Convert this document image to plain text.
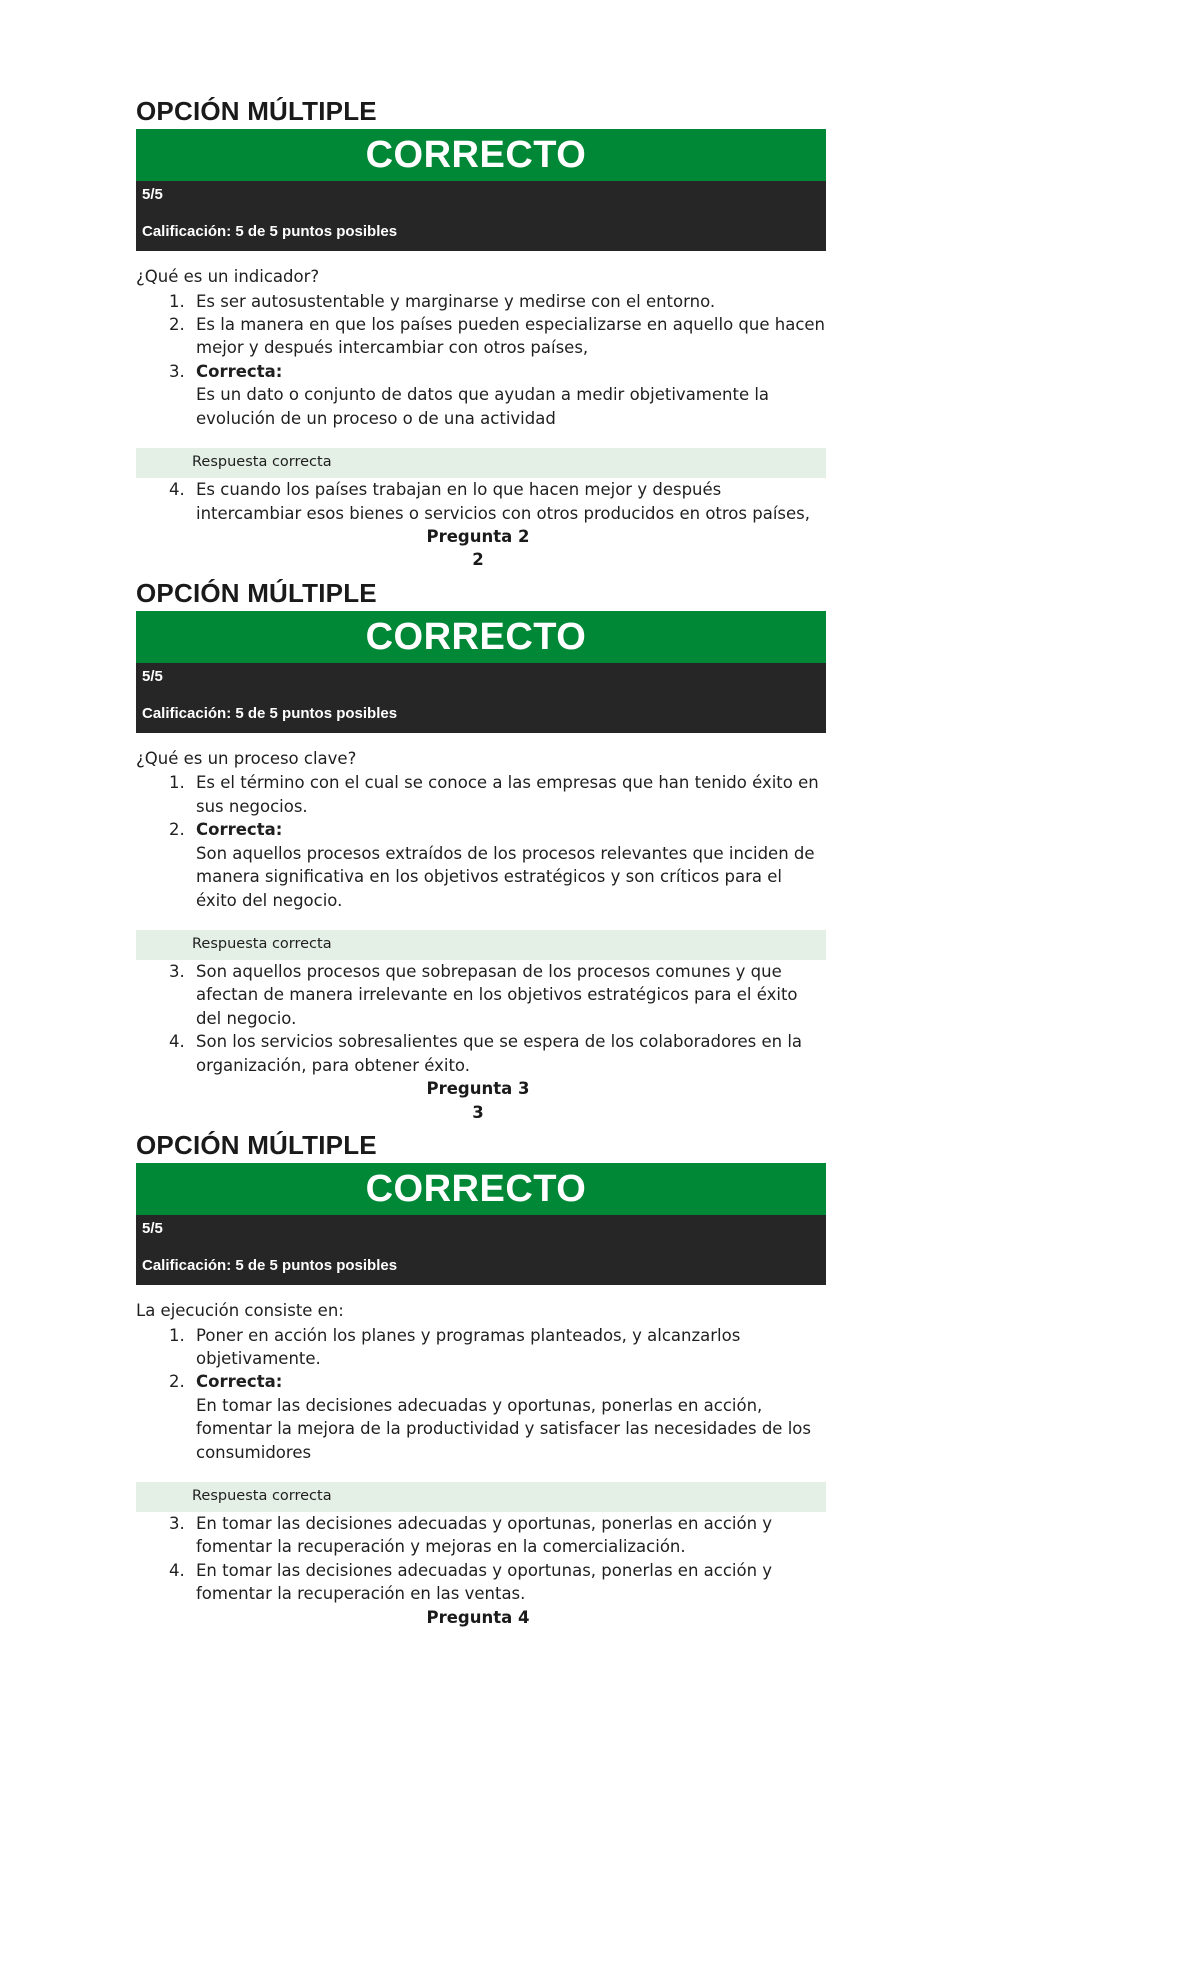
OPCIÓN MÚLTIPLE
CORRECTO
5/5
Calificación: 5 de 5 puntos posibles

¿Qué es un indicador?

1. Es ser autosustentable y marginarse y medirse con el entorno.
2. Es la manera en que los países pueden especializarse en aquello que hacen mejor y después intercambiar con otros países,
3. Correcta:
Es un dato o conjunto de datos que ayudan a medir objetivamente la evolución de un proceso o de una actividad
Respuesta correcta
4. Es cuando los países trabajan en lo que hacen mejor y después intercambiar esos bienes o servicios con otros producidos en otros países,
Pregunta 2
2
OPCIÓN MÚLTIPLE
CORRECTO
5/5
Calificación: 5 de 5 puntos posibles

¿Qué es un proceso clave?

1. Es el término con el cual se conoce a las empresas que han tenido éxito en sus negocios.
2. Correcta:
Son aquellos procesos extraídos de los procesos relevantes que inciden de manera significativa en los objetivos estratégicos y son críticos para el éxito del negocio.
Respuesta correcta
3. Son aquellos procesos que sobrepasan de los procesos comunes y que afectan de manera irrelevante en los objetivos estratégicos para el éxito del negocio.
4. Son los servicios sobresalientes que se espera de los colaboradores en la organización, para obtener éxito.
Pregunta 3
3
OPCIÓN MÚLTIPLE
CORRECTO
5/5
Calificación: 5 de 5 puntos posibles

La ejecución consiste en:

1. Poner en acción los planes y programas planteados, y alcanzarlos objetivamente.
2. Correcta:
En tomar las decisiones adecuadas y oportunas, ponerlas en acción, fomentar la mejora de la productividad y satisfacer las necesidades de los consumidores
Respuesta correcta
3. En tomar las decisiones adecuadas y oportunas, ponerlas en acción y fomentar la recuperación y mejoras en la comercialización.
4. En tomar las decisiones adecuadas y oportunas, ponerlas en acción y fomentar la recuperación en las ventas.
Pregunta 4
